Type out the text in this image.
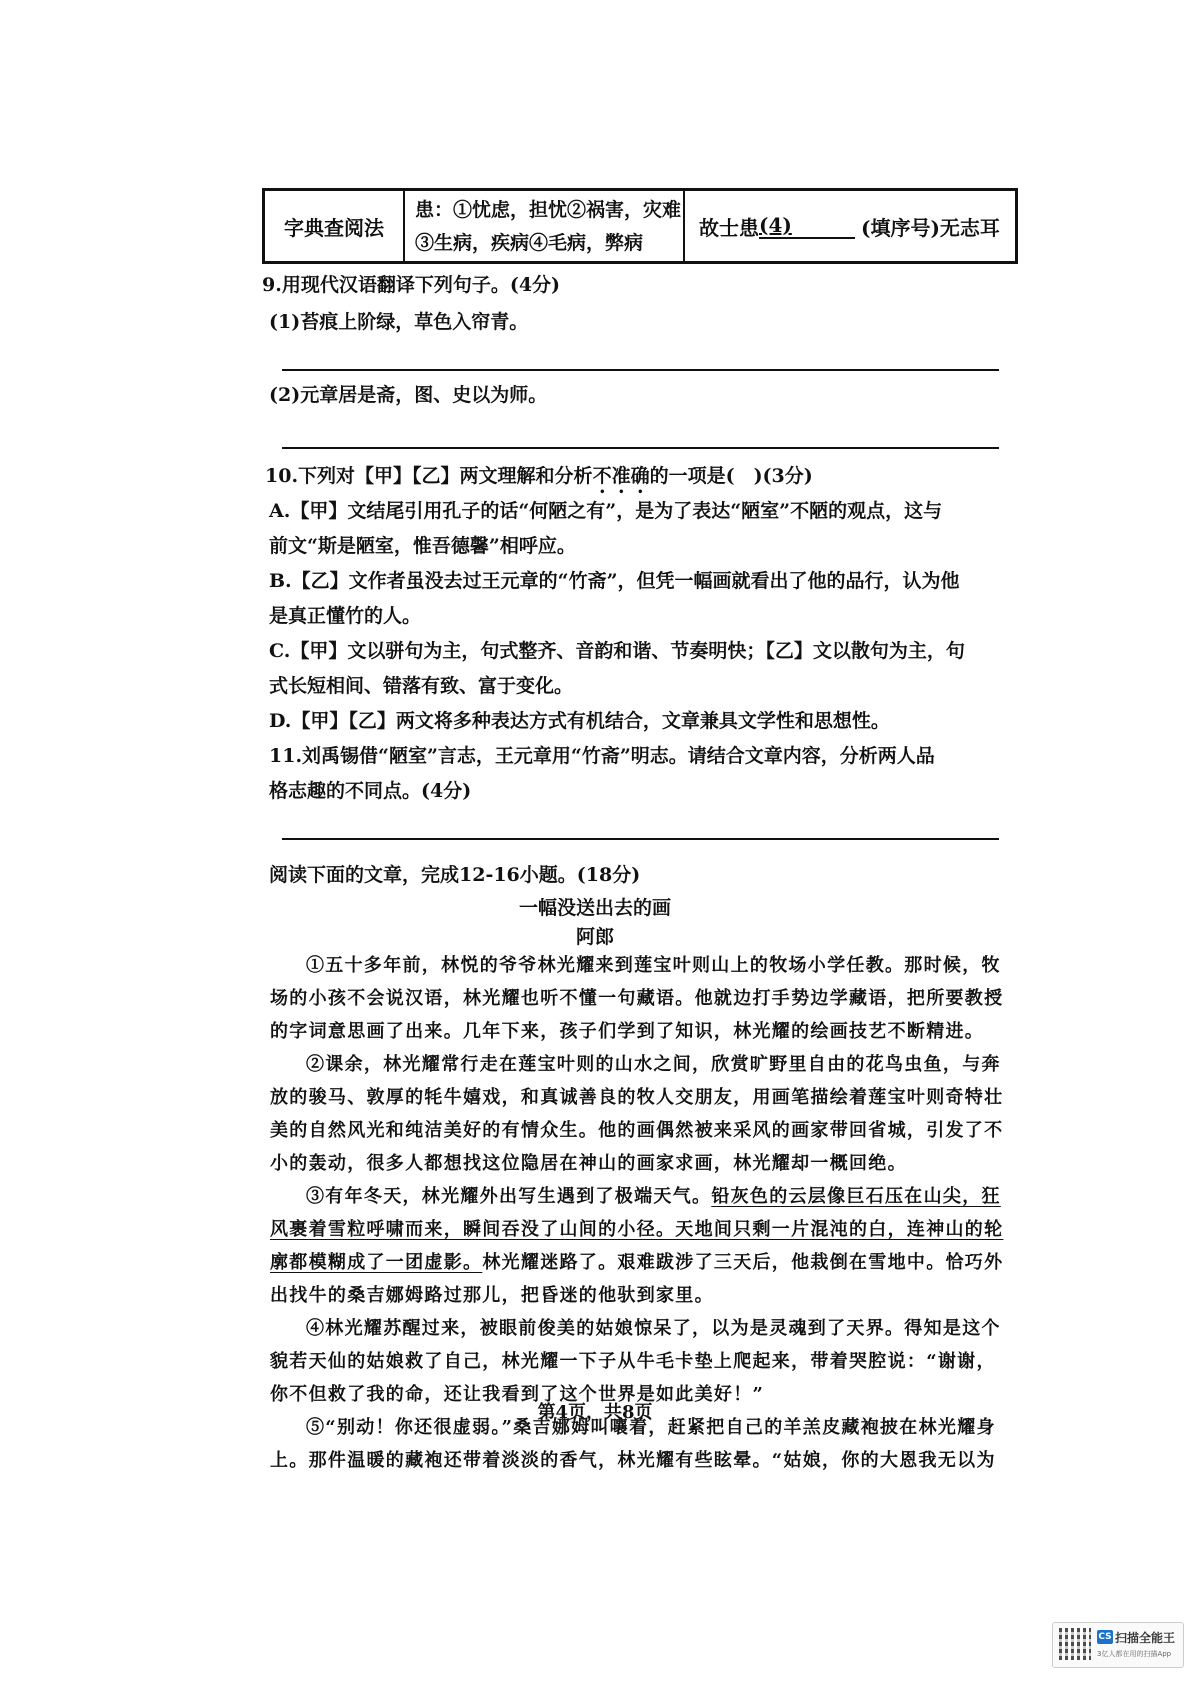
字典查阅法
患：①忧虑，担忧②祸害，灾难
③生病，疾病④毛病，弊病
故士患 (4)	(填序号)无志耳
9.用现代汉语翻译下列句子。(4分)
(1)苔痕上阶绿，草色入帘青。
(2)元章居是斋，图、史以为师。
10.下列对【甲】【乙】两文理解和分析不准确的一项是(　)(3分)
A.【甲】文结尾引用孔子的话“何陋之有”，是为了表达“陋室”不陋的观点，这与
前文“斯是陋室，惟吾德馨”相呼应。
B.【乙】文作者虽没去过王元章的“竹斋”，但凭一幅画就看出了他的品行，认为他
是真正懂竹的人。
C.【甲】文以骈句为主，句式整齐、音韵和谐、节奏明快；【乙】文以散句为主，句
式长短相间、错落有致、富于变化。
D.【甲】【乙】两文将多种表达方式有机结合，文章兼具文学性和思想性。
11.刘禹锡借“陋室”言志，王元章用“竹斋”明志。请结合文章内容，分析两人品
格志趣的不同点。(4分)
阅读下面的文章，完成12-16小题。(18分)
一幅没送出去的画
阿郎
①五十多年前，林悦的爷爷林光耀来到莲宝叶则山上的牧场小学任教。那时候，牧场的小孩不会说汉语，林光耀也听不懂一句藏语。他就边打手势边学藏语，把所要教授的字词意思画了出来。几年下来，孩子们学到了知识，林光耀的绘画技艺不断精进。
②课余，林光耀常行走在莲宝叶则的山水之间，欣赏旷野里自由的花鸟虫鱼，与奔放的骏马、敦厚的牦牛嬉戏，和真诚善良的牧人交朋友，用画笔描绘着莲宝叶则奇特壮美的自然风光和纯洁美好的有情众生。他的画偶然被来采风的画家带回省城，引发了不小的轰动，很多人都想找这位隐居在神山的画家求画，林光耀却一概回绝。
③有年冬天，林光耀外出写生遇到了极端天气。铅灰色的云层像巨石压在山尖，狂风裹着雪粒呼啸而来，瞬间吞没了山间的小径。天地间只剩一片混沌的白，连神山的轮廓都模糊成了一团虚影。林光耀迷路了。艰难跋涉了三天后，他栽倒在雪地中。恰巧外出找牛的桑吉娜姆路过那儿，把昏迷的他驮到家里。
④林光耀苏醒过来，被眼前俊美的姑娘惊呆了，以为是灵魂到了天界。得知是这个貌若天仙的姑娘救了自己，林光耀一下子从牛毛卡垫上爬起来，带着哭腔说：“谢谢，你不但救了我的命，还让我看到了这个世界是如此美好！”
⑤“别动！你还很虚弱。”桑吉娜姆叫嚷着，赶紧把自己的羊羔皮藏袍披在林光耀身上。那件温暖的藏袍还带着淡淡的香气，林光耀有些眩晕。“姑娘，你的大恩我无以为
第4页，共8页
CS 扫描全能王
3亿人都在用的扫描App
